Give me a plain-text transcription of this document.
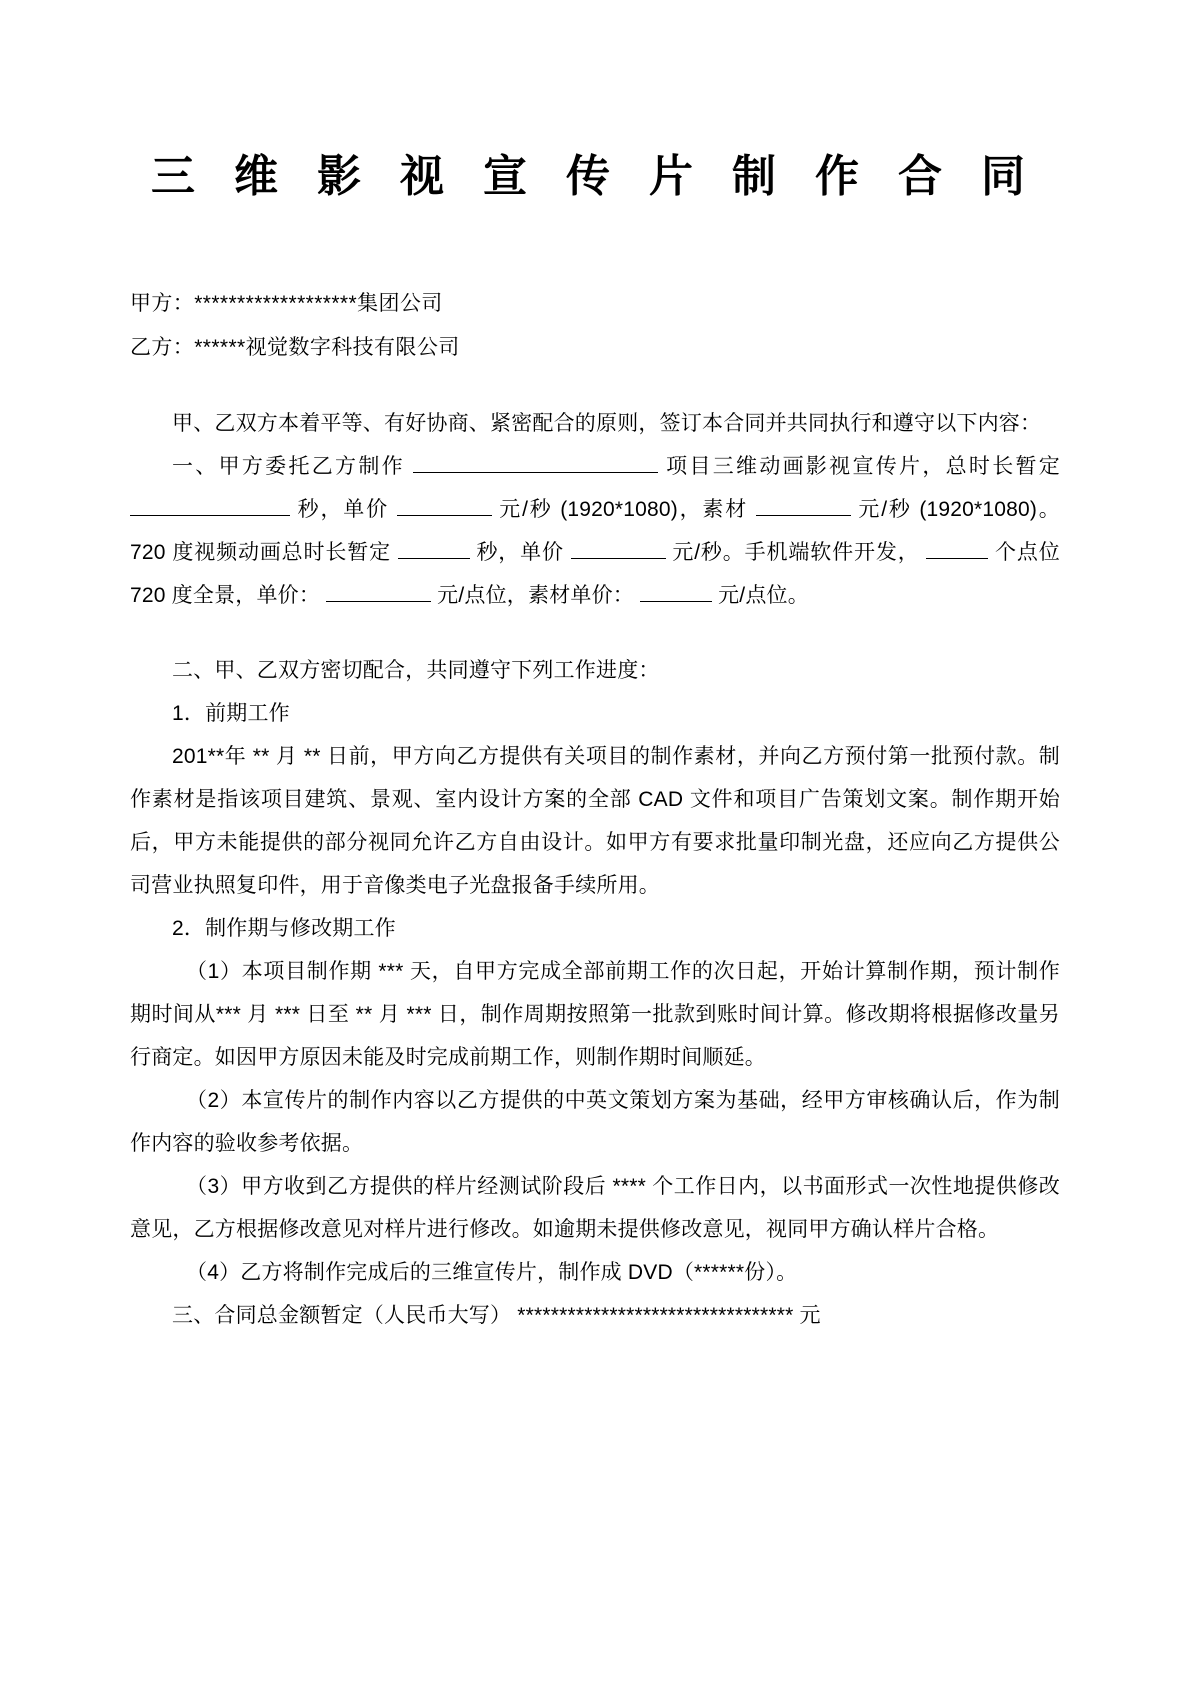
三 维 影 视 宣 传 片 制 作 合 同
甲方：*******************集团公司
乙方：******视觉数字科技有限公司
甲、乙双方本着平等、有好协商、紧密配合的原则，签订本合同并共同执行和遵守以下内容：
一、甲方委托乙方制作	项目三维动画影视宣传片，总时长暂定  秒，单价	元/秒 (1920*1080)，素材	元/秒 (1920*1080)。720 度视频动画总时长暂定	秒，单价	元/秒。手机端软件开发，	个点位 720 度全景，单价：	元/点位，素材单价：	元/点位。
二、甲、乙双方密切配合，共同遵守下列工作进度：
1．前期工作
201**年 ** 月 ** 日前，甲方向乙方提供有关项目的制作素材，并向乙方预付第一批预付款。制作素材是指该项目建筑、景观、室内设计方案的全部 CAD 文件和项目广告策划文案。制作期开始后，甲方未能提供的部分视同允许乙方自由设计。如甲方有要求批量印制光盘，还应向乙方提供公司营业执照复印件，用于音像类电子光盘报备手续所用。
2．制作期与修改期工作
（1）本项目制作期 *** 天，自甲方完成全部前期工作的次日起，开始计算制作期，预计制作期时间从*** 月 *** 日至 ** 月 *** 日，制作周期按照第一批款到账时间计算。修改期将根据修改量另行商定。如因甲方原因未能及时完成前期工作，则制作期时间顺延。
（2）本宣传片的制作内容以乙方提供的中英文策划方案为基础，经甲方审核确认后，作为制作内容的验收参考依据。
（3）甲方收到乙方提供的样片经测试阶段后 **** 个工作日内，以书面形式一次性地提供修改意见，乙方根据修改意见对样片进行修改。如逾期未提供修改意见，视同甲方确认样片合格。
（4）乙方将制作完成后的三维宣传片，制作成 DVD（******份）。
三、合同总金额暂定（人民币大写） ********************************* 元
